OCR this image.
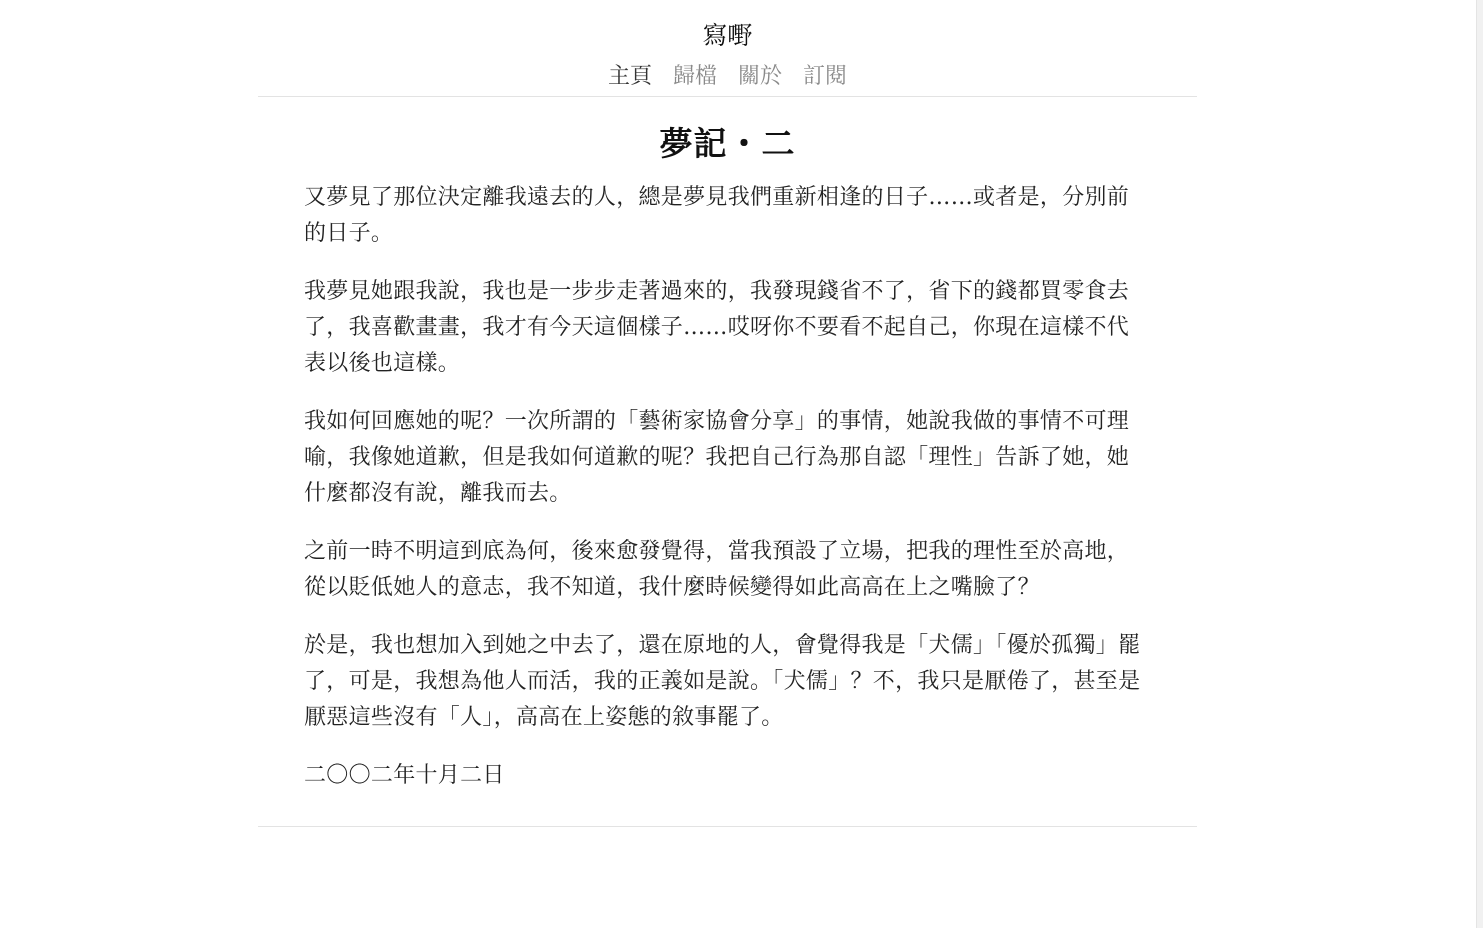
寫嘢
主頁 歸檔 關於 訂閱
夢記・二

又夢見了那位決定離我遠去的人，總是夢見我們重新相逢的日子……或者是，分別前的日子。

我夢見她跟我說，我也是一步步走著過來的，我發現錢省不了，省下的錢都買零食去了，我喜歡畫畫，我才有今天這個樣子……哎呀你不要看不起自己，你現在這樣不代表以後也這樣。

我如何回應她的呢？一次所謂的「藝術家協會分享」的事情，她說我做的事情不可理喻，我像她道歉，但是我如何道歉的呢？我把自己行為那自認「理性」告訴了她，她什麼都沒有說，離我而去。

之前一時不明這到底為何，後來愈發覺得，當我預設了立場，把我的理性至於高地，從以貶低她人的意志，我不知道，我什麼時候變得如此高高在上之嘴臉了？

於是，我也想加入到她之中去了，還在原地的人，會覺得我是「犬儒」「優於孤獨」罷了，可是，我想為他人而活，我的正義如是說。「犬儒」？不，我只是厭倦了，甚至是厭惡這些沒有「人」，高高在上姿態的敘事罷了。

二〇〇二年十月二日
